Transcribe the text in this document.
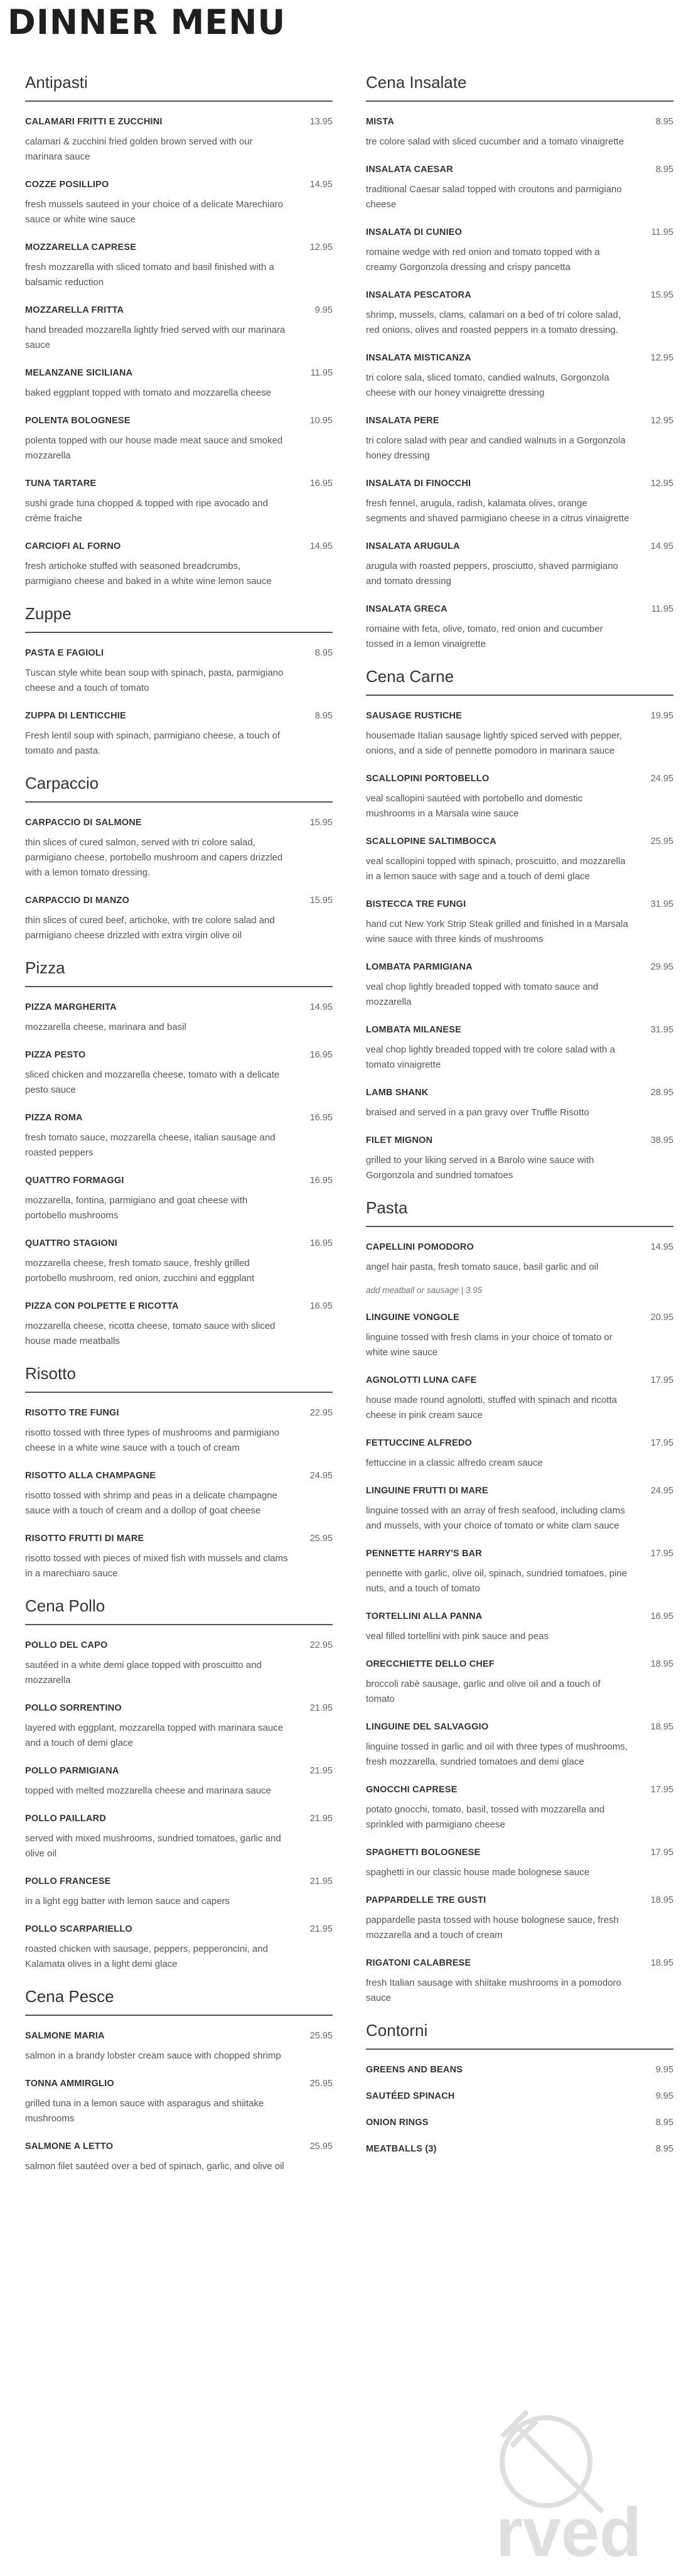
DINNER MENU
Antipasti
CALAMARI FRITTI E ZUCCHINI	13.95
calamari & zucchini fried golden brown served with our marinara sauce
COZZE POSILLIPO	14.95
fresh mussels sauteed in your choice of a delicate Marechiaro sauce or white wine sauce
MOZZARELLA CAPRESE	12.95
fresh mozzarella with sliced tomato and basil finished with a balsamic reduction
MOZZARELLA FRITTA	9.95
hand breaded mozzarella lightly fried served with our marinara sauce
MELANZANE SICILIANA	11.95
baked eggplant topped with tomato and mozzarella cheese
POLENTA BOLOGNESE	10.95
polenta topped with our house made meat sauce and smoked mozzarella
TUNA TARTARE	16.95
sushi grade tuna chopped & topped with ripe avocado and crème fraiche
CARCIOFI AL FORNO	14.95
fresh artichoke stuffed with seasoned breadcrumbs, parmigiano cheese and baked in a white wine lemon sauce
Zuppe
PASTA E FAGIOLI	8.95
Tuscan style white bean soup with spinach, pasta, parmigiano cheese and a touch of tomato
ZUPPA DI LENTICCHIE	8.95
Fresh lentil soup with spinach, parmigiano cheese, a touch of tomato and pasta.
Carpaccio
CARPACCIO DI SALMONE	15.95
thin slices of cured salmon, served with tri colore salad, parmigiano cheese, portobello mushroom and capers drizzled with a lemon tomato dressing.
CARPACCIO DI MANZO	15.95
thin slices of cured beef, artichoke, with tre colore salad and parmigiano cheese drizzled with extra virgin olive oil
Pizza
PIZZA MARGHERITA	14.95
mozzarella cheese, marinara and basil
PIZZA PESTO	16.95
sliced chicken and mozzarella cheese, tomato with a delicate pesto sauce
PIZZA ROMA	16.95
fresh tomato sauce, mozzarella cheese, italian sausage and roasted peppers
QUATTRO FORMAGGI	16.95
mozzarella, fontina, parmigiano and goat cheese with portobello mushrooms
QUATTRO STAGIONI	16.95
mozzarella cheese, fresh tomato sauce, freshly grilled portobello mushroom, red onion, zucchini and eggplant
PIZZA CON POLPETTE E RICOTTA	16.95
mozzarella cheese, ricotta cheese, tomato sauce with sliced house made meatballs
Risotto
RISOTTO TRE FUNGI	22.95
risotto tossed with three types of mushrooms and parmigiano cheese in a white wine sauce with a touch of cream
RISOTTO ALLA CHAMPAGNE	24.95
risotto tossed with shrimp and peas in a delicate champagne sauce with a touch of cream and a dollop of goat cheese
RISOTTO FRUTTI DI MARE	25.95
risotto tossed with pieces of mixed fish with mussels and clams in a marechiaro sauce
Cena Pollo
POLLO DEL CAPO	22.95
sautéed in a white demi glace topped with proscuitto and mozzarella
POLLO SORRENTINO	21.95
layered with eggplant, mozzarella topped with marinara sauce and a touch of demi glace
POLLO PARMIGIANA	21.95
topped with melted mozzarella cheese and marinara sauce
POLLO PAILLARD	21.95
served with mixed mushrooms, sundried tomatoes, garlic and olive oil
POLLO FRANCESE	21.95
in a light egg batter with lemon sauce and capers
POLLO SCARPARIELLO	21.95
roasted chicken with sausage, peppers, pepperoncini, and Kalamata olives in a light demi glace
Cena Pesce
SALMONE MARIA	25.95
salmon in a brandy lobster cream sauce with chopped shrimp
TONNA AMMIRGLIO	25.95
grilled tuna in a lemon sauce with asparagus and shiitake mushrooms
SALMONE A LETTO	25.95
salmon filet sautéed over a bed of spinach, garlic, and olive oil
Cena Insalate
MISTA	8.95
tre colore salad with sliced cucumber and a tomato vinaigrette
INSALATA CAESAR	8.95
traditional Caesar salad topped with croutons and parmigiano cheese
INSALATA DI CUNIEO	11.95
romaine wedge with red onion and tomato topped with a creamy Gorgonzola dressing and crispy pancetta
INSALATA PESCATORA	15.95
shrimp, mussels, clams, calamari on a bed of tri colore salad, red onions, olives and roasted peppers in a tomato dressing.
INSALATA MISTICANZA	12.95
tri colore sala, sliced tomato, candied walnuts, Gorgonzola cheese with our honey vinaigrette dressing
INSALATA PERE	12.95
tri colore salad with pear and candied walnuts in a Gorgonzola honey dressing
INSALATA DI FINOCCHI	12.95
fresh fennel, arugula, radish, kalamata olives, orange segments and shaved parmigiano cheese in a citrus vinaigrette
INSALATA ARUGULA	14.95
arugula with roasted peppers, prosciutto, shaved parmigiano and tomato dressing
INSALATA GRECA	11.95
romaine with feta, olive, tomato, red onion and cucumber tossed in a lemon vinaigrette
Cena Carne
SAUSAGE RUSTICHE	19.95
housemade Italian sausage lightly spiced served with pepper, onions, and a side of pennette pomodoro in marinara sauce
SCALLOPINI PORTOBELLO	24.95
veal scallopini sautéed with portobello and domestic mushrooms in a Marsala wine sauce
SCALLOPINE SALTIMBOCCA	25.95
veal scallopini topped with spinach, proscuitto, and mozzarella in a lemon sauce with sage and a touch of demi glace
BISTECCA TRE FUNGI	31.95
hand cut New York Strip Steak grilled and finished in a Marsala wine sauce with three kinds of mushrooms
LOMBATA PARMIGIANA	29.95
veal chop lightly breaded topped with tomato sauce and mozzarella
LOMBATA MILANESE	31.95
veal chop lightly breaded topped with tre colore salad with a tomato vinaigrette
LAMB SHANK	28.95
braised and served in a pan gravy over Truffle Risotto
FILET MIGNON	38.95
grilled to your liking served in a Barolo wine sauce with Gorgonzola and sundried tomatoes
Pasta
CAPELLINI POMODORO	14.95
angel hair pasta, fresh tomato sauce, basil garlic and oil
add meatball or sausage | 3.95
LINGUINE VONGOLE	20.95
linguine tossed with fresh clams in your choice of tomato or white wine sauce
AGNOLOTTI LUNA CAFE	17.95
house made round agnolotti, stuffed with spinach and ricotta cheese in pink cream sauce
FETTUCCINE ALFREDO	17.95
fettuccine in a classic alfredo cream sauce
LINGUINE FRUTTI DI MARE	24.95
linguine tossed with an array of fresh seafood, including clams and mussels, with your choice of tomato or white clam sauce
PENNETTE HARRY'S BAR	17.95
pennette with garlic, olive oil, spinach, sundried tomatoes, pine nuts, and a touch of tomato
TORTELLINI ALLA PANNA	16.95
veal filled tortellini with pink sauce and peas
ORECCHIETTE DELLO CHEF	18.95
broccoli rabè sausage, garlic and olive oil and a touch of tomato
LINGUINE DEL SALVAGGIO	18.95
linguine tossed in garlic and oil with three types of mushrooms, fresh mozzarella, sundried tomatoes and demi glace
GNOCCHI CAPRESE	17.95
potato gnocchi, tomato, basil, tossed with mozzarella and sprinkled with parmigiano cheese
SPAGHETTI BOLOGNESE	17.95
spaghetti in our classic house made bolognese sauce
PAPPARDELLE TRE GUSTI	18.95
pappardelle pasta tossed with house bolognese sauce, fresh mozzarella and a touch of cream
RIGATONI CALABRESE	18.95
fresh Italian sausage with shiitake mushrooms in a pomodoro sauce
Contorni
GREENS AND BEANS	9.95
SAUTÉED SPINACH	9.95
ONION RINGS	8.95
MEATBALLS (3)	8.95
rved
